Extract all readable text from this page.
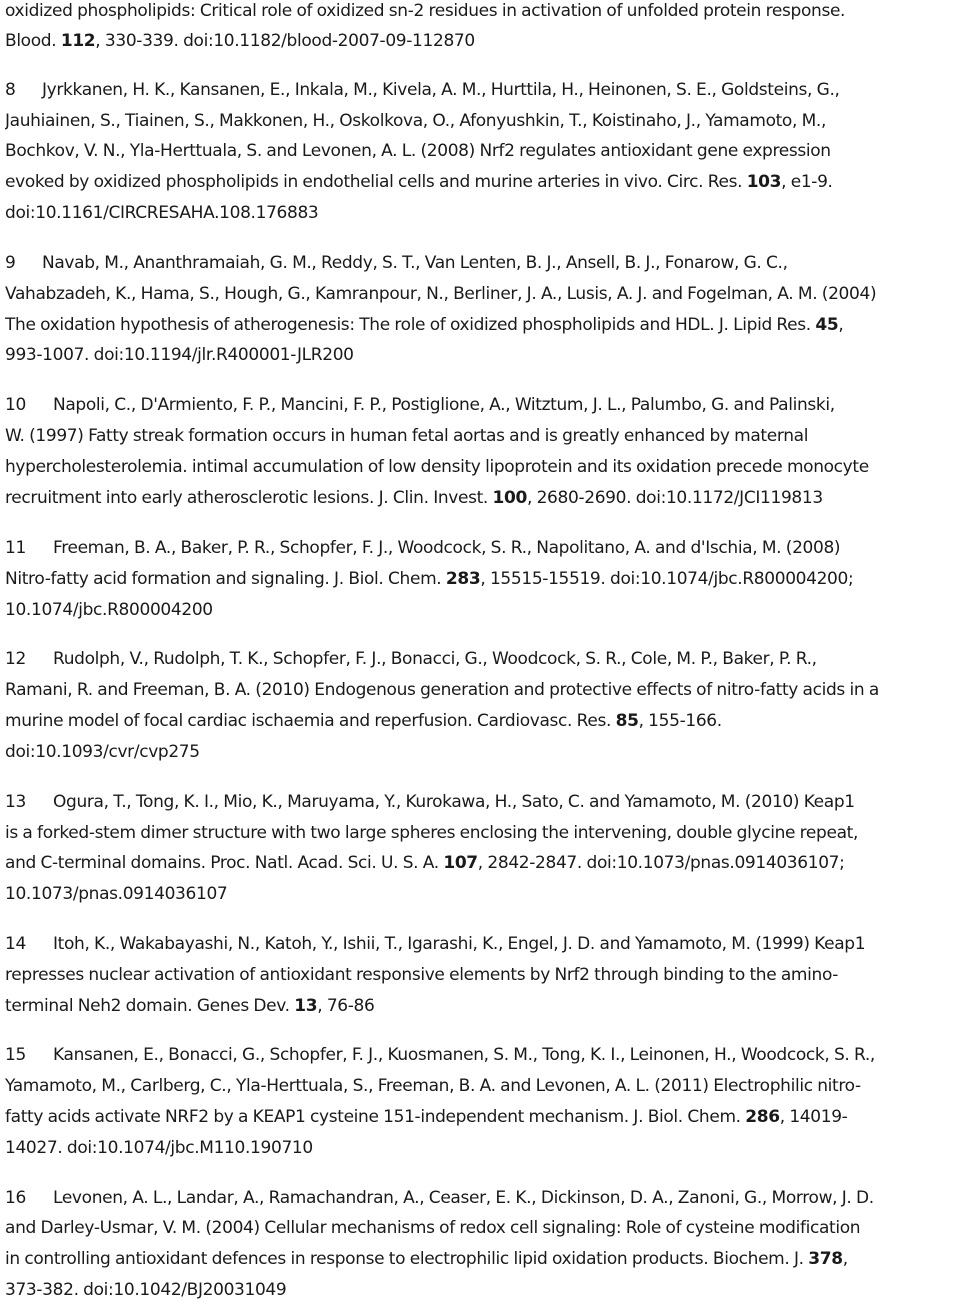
oxidized phospholipids: Critical role of oxidized sn-2 residues in activation of unfolded protein response.
Blood. 112, 330-339. doi:10.1182/blood-2007-09-112870
8 Jyrkkanen, H. K., Kansanen, E., Inkala, M., Kivela, A. M., Hurttila, H., Heinonen, S. E., Goldsteins, G.,
Jauhiainen, S., Tiainen, S., Makkonen, H., Oskolkova, O., Afonyushkin, T., Koistinaho, J., Yamamoto, M.,
Bochkov, V. N., Yla-Herttuala, S. and Levonen, A. L. (2008) Nrf2 regulates antioxidant gene expression
evoked by oxidized phospholipids in endothelial cells and murine arteries in vivo. Circ. Res. 103, e1-9.
doi:10.1161/CIRCRESAHA.108.176883
9 Navab, M., Ananthramaiah, G. M., Reddy, S. T., Van Lenten, B. J., Ansell, B. J., Fonarow, G. C.,
Vahabzadeh, K., Hama, S., Hough, G., Kamranpour, N., Berliner, J. A., Lusis, A. J. and Fogelman, A. M. (2004)
The oxidation hypothesis of atherogenesis: The role of oxidized phospholipids and HDL. J. Lipid Res. 45,
993-1007. doi:10.1194/jlr.R400001-JLR200
10 Napoli, C., D'Armiento, F. P., Mancini, F. P., Postiglione, A., Witztum, J. L., Palumbo, G. and Palinski,
W. (1997) Fatty streak formation occurs in human fetal aortas and is greatly enhanced by maternal
hypercholesterolemia. intimal accumulation of low density lipoprotein and its oxidation precede monocyte
recruitment into early atherosclerotic lesions. J. Clin. Invest. 100, 2680-2690. doi:10.1172/JCI119813
11 Freeman, B. A., Baker, P. R., Schopfer, F. J., Woodcock, S. R., Napolitano, A. and d'Ischia, M. (2008)
Nitro-fatty acid formation and signaling. J. Biol. Chem. 283, 15515-15519. doi:10.1074/jbc.R800004200;
10.1074/jbc.R800004200
12 Rudolph, V., Rudolph, T. K., Schopfer, F. J., Bonacci, G., Woodcock, S. R., Cole, M. P., Baker, P. R.,
Ramani, R. and Freeman, B. A. (2010) Endogenous generation and protective effects of nitro-fatty acids in a
murine model of focal cardiac ischaemia and reperfusion. Cardiovasc. Res. 85, 155-166.
doi:10.1093/cvr/cvp275
13 Ogura, T., Tong, K. I., Mio, K., Maruyama, Y., Kurokawa, H., Sato, C. and Yamamoto, M. (2010) Keap1
is a forked-stem dimer structure with two large spheres enclosing the intervening, double glycine repeat,
and C-terminal domains. Proc. Natl. Acad. Sci. U. S. A. 107, 2842-2847. doi:10.1073/pnas.0914036107;
10.1073/pnas.0914036107
14 Itoh, K., Wakabayashi, N., Katoh, Y., Ishii, T., Igarashi, K., Engel, J. D. and Yamamoto, M. (1999) Keap1
represses nuclear activation of antioxidant responsive elements by Nrf2 through binding to the amino-
terminal Neh2 domain. Genes Dev. 13, 76-86
15 Kansanen, E., Bonacci, G., Schopfer, F. J., Kuosmanen, S. M., Tong, K. I., Leinonen, H., Woodcock, S. R.,
Yamamoto, M., Carlberg, C., Yla-Herttuala, S., Freeman, B. A. and Levonen, A. L. (2011) Electrophilic nitro-
fatty acids activate NRF2 by a KEAP1 cysteine 151-independent mechanism. J. Biol. Chem. 286, 14019-
14027. doi:10.1074/jbc.M110.190710
16 Levonen, A. L., Landar, A., Ramachandran, A., Ceaser, E. K., Dickinson, D. A., Zanoni, G., Morrow, J. D.
and Darley-Usmar, V. M. (2004) Cellular mechanisms of redox cell signaling: Role of cysteine modification
in controlling antioxidant defences in response to electrophilic lipid oxidation products. Biochem. J. 378,
373-382. doi:10.1042/BJ20031049
